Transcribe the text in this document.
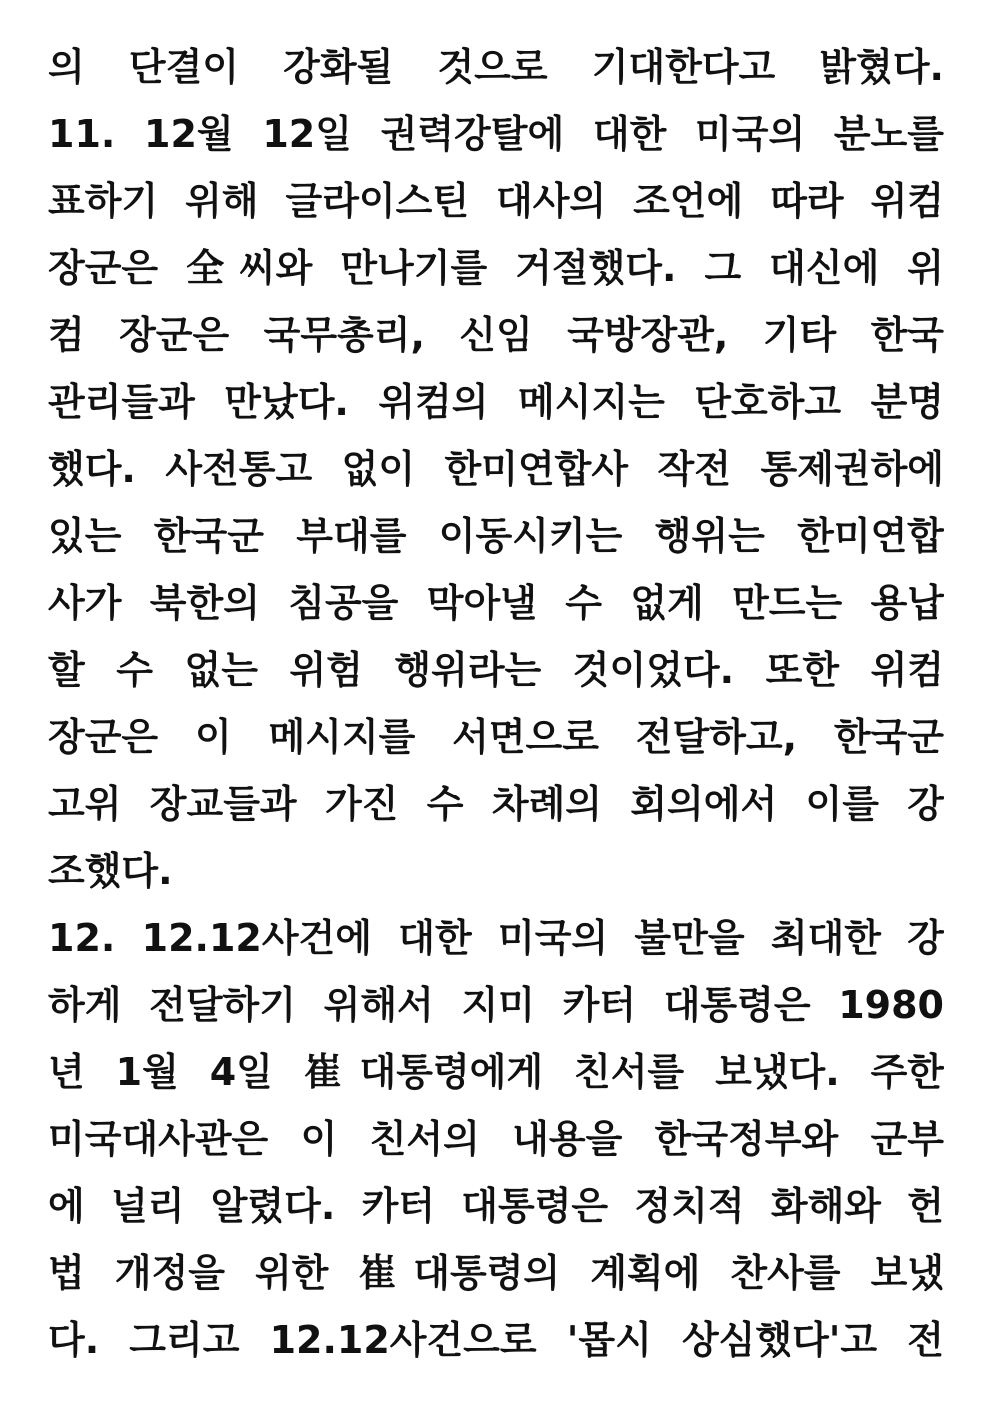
의 단결이 강화될 것으로 기대한다고 밝혔다.
11. 12월 12일 권력강탈에 대한 미국의 분노를
표하기 위해 글라이스틴 대사의 조언에 따라 위컴
장군은 全씨와 만나기를 거절했다. 그 대신에 위
컴 장군은 국무총리, 신임 국방장관, 기타 한국
관리들과 만났다. 위컴의 메시지는 단호하고 분명
했다. 사전통고 없이 한미연합사 작전 통제권하에
있는 한국군 부대를 이동시키는 행위는 한미연합
사가 북한의 침공을 막아낼 수 없게 만드는 용납
할 수 없는 위험 행위라는 것이었다. 또한 위컴
장군은 이 메시지를 서면으로 전달하고, 한국군
고위 장교들과 가진 수 차례의 회의에서 이를 강
조했다.
12. 12.12사건에 대한 미국의 불만을 최대한 강
하게 전달하기 위해서 지미 카터 대통령은 1980
년 1월 4일 崔대통령에게 친서를 보냈다. 주한
미국대사관은 이 친서의 내용을 한국정부와 군부
에 널리 알렸다. 카터 대통령은 정치적 화해와 헌
법 개정을 위한 崔대통령의 계획에 찬사를 보냈
다. 그리고 12.12사건으로 '몹시 상심했다'고 전
